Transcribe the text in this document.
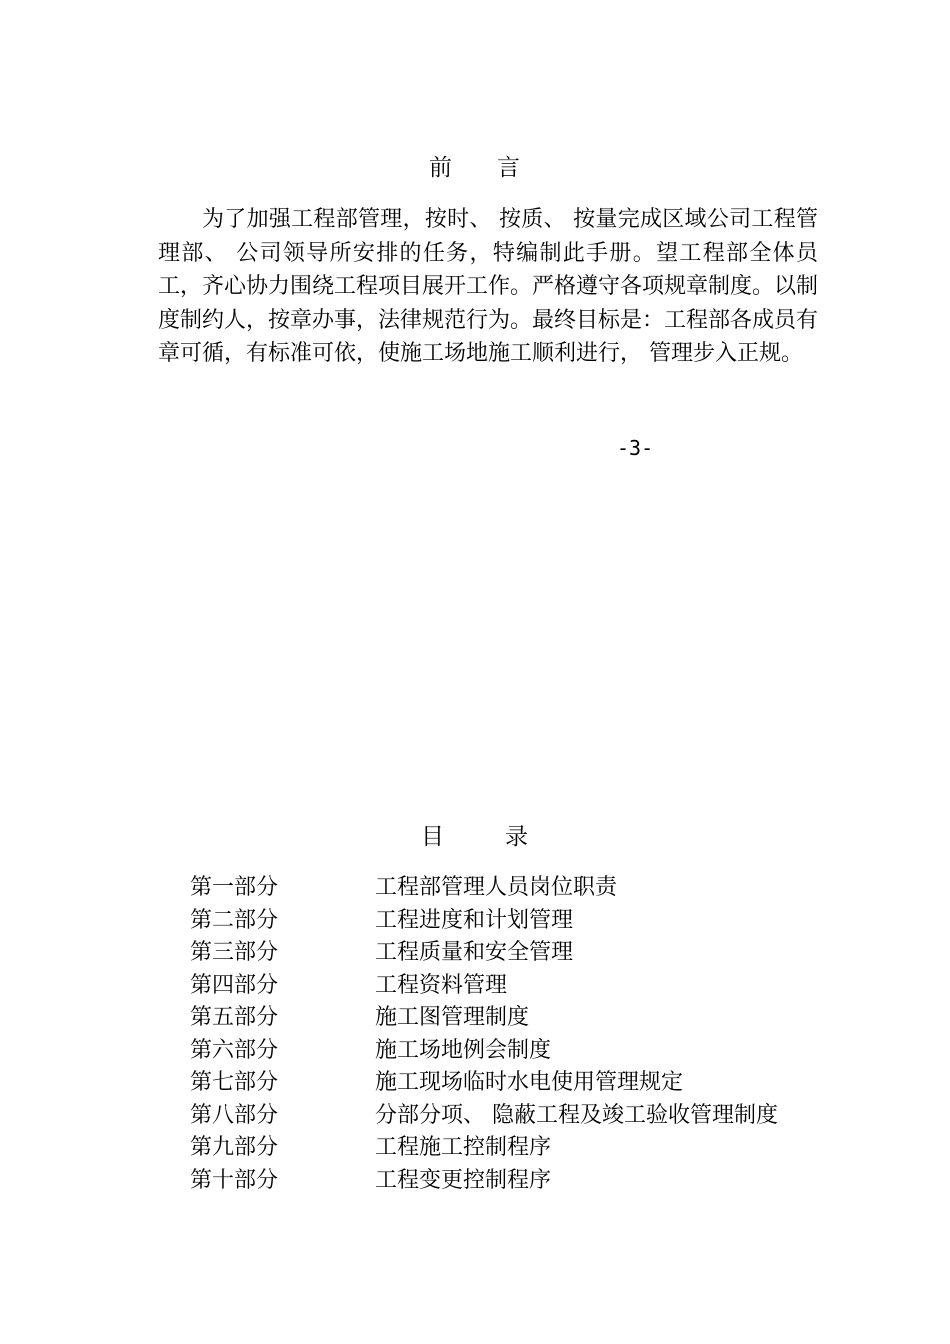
前 言

为了加强工程部管理，按时、 按质、 按量完成区域公司工程管理部、 公司领导所安排的任务，特编制此手册。望工程部全体员工，齐心协力围绕工程项目展开工作。严格遵守各项规章制度。以制度制约人，按章办事，法律规范行为。最终目标是：工程部各成员有章可循，有标准可依，使施工场地施工顺利进行， 管理步入正规。

-3-
目	录
第一部分	工程部管理人员岗位职责
第二部分	工程进度和计划管理
第三部分	工程质量和安全管理
第四部分	工程资料管理
第五部分	施工图管理制度
第六部分	施工场地例会制度
第七部分	施工现场临时水电使用管理规定
第八部分	分部分项、 隐蔽工程及竣工验收管理制度
第九部分	工程施工控制程序
第十部分	工程变更控制程序
